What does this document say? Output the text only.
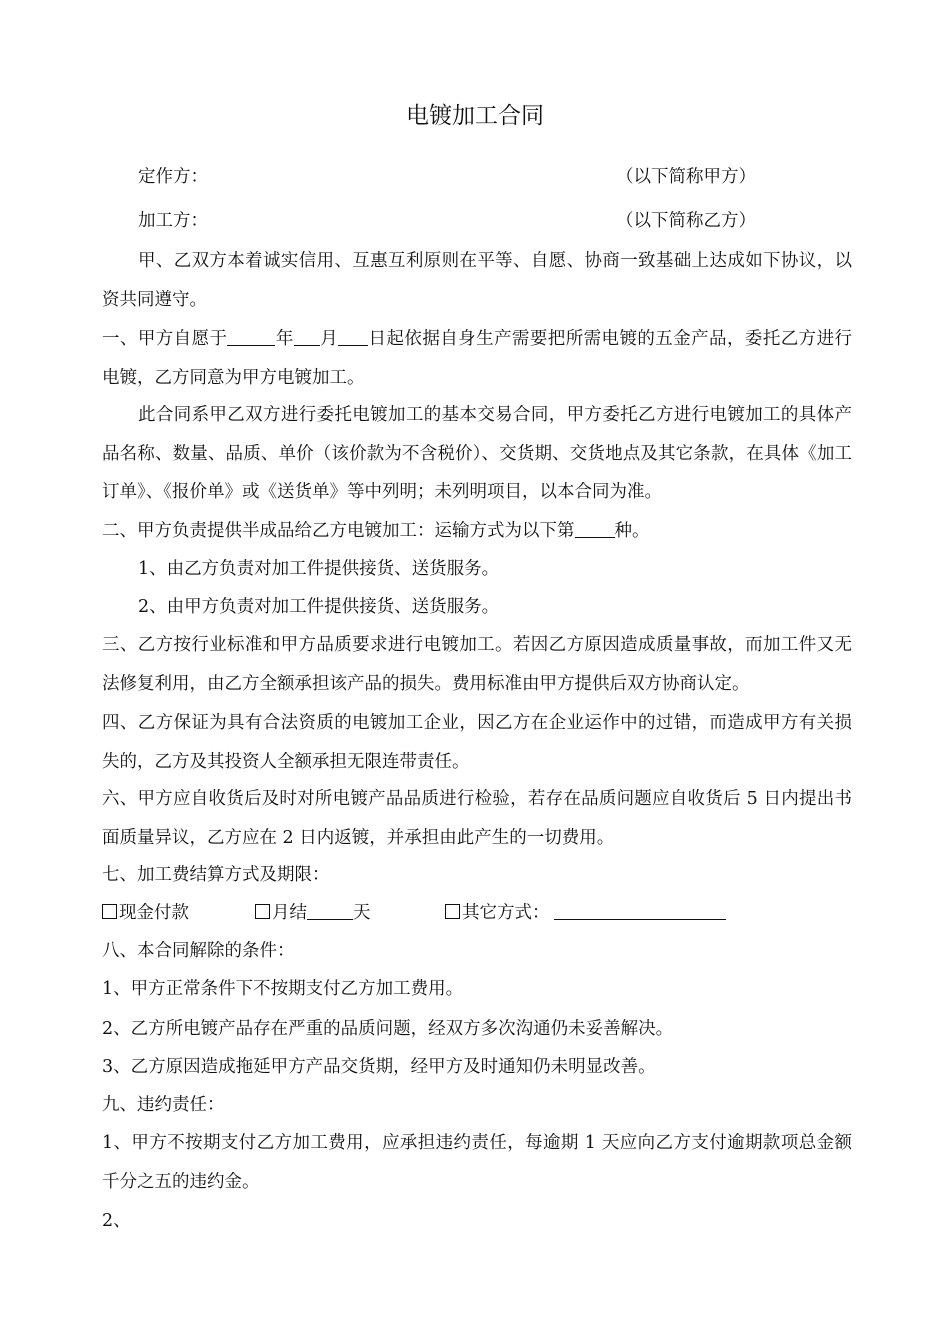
电镀加工合同
定作方：	（以下简称甲方）
加工方：	（以下简称乙方）
甲、乙双方本着诚实信用、互惠互利原则在平等、自愿、协商一致基础上达成如下协议，以资共同遵守。
一、甲方自愿于	年 月 日起依据自身生产需要把所需电镀的五金产品，委托乙方进行电镀，乙方同意为甲方电镀加工。
此合同系甲乙双方进行委托电镀加工的基本交易合同，甲方委托乙方进行电镀加工的具体产品名称、数量、品质、单价（该价款为不含税价）、交货期、交货地点及其它条款，在具体《加工订单》、《报价单》或《送货单》等中列明；未列明项目，以本合同为准。
二、甲方负责提供半成品给乙方电镀加工：运输方式为以下第 种。
1、由乙方负责对加工件提供接货、送货服务。
2、由甲方负责对加工件提供接货、送货服务。
三、乙方按行业标准和甲方品质要求进行电镀加工。若因乙方原因造成质量事故，而加工件又无法修复利用，由乙方全额承担该产品的损失。费用标准由甲方提供后双方协商认定。
四、乙方保证为具有合法资质的电镀加工企业，因乙方在企业运作中的过错，而造成甲方有关损失的，乙方及其投资人全额承担无限连带责任。
六、甲方应自收货后及时对所电镀产品品质进行检验，若存在品质问题应自收货后 5 日内提出书面质量异议，乙方应在 2 日内返镀，并承担由此产生的一切费用。
七、加工费结算方式及期限：
现金付款	月结	天	其它方式：
八、本合同解除的条件：
1、甲方正常条件下不按期支付乙方加工费用。
2、乙方所电镀产品存在严重的品质问题，经双方多次沟通仍未妥善解决。
3、乙方原因造成拖延甲方产品交货期，经甲方及时通知仍未明显改善。
九、违约责任：
1、甲方不按期支付乙方加工费用，应承担违约责任，每逾期 1 天应向乙方支付逾期款项总金额千分之五的违约金。
2、
